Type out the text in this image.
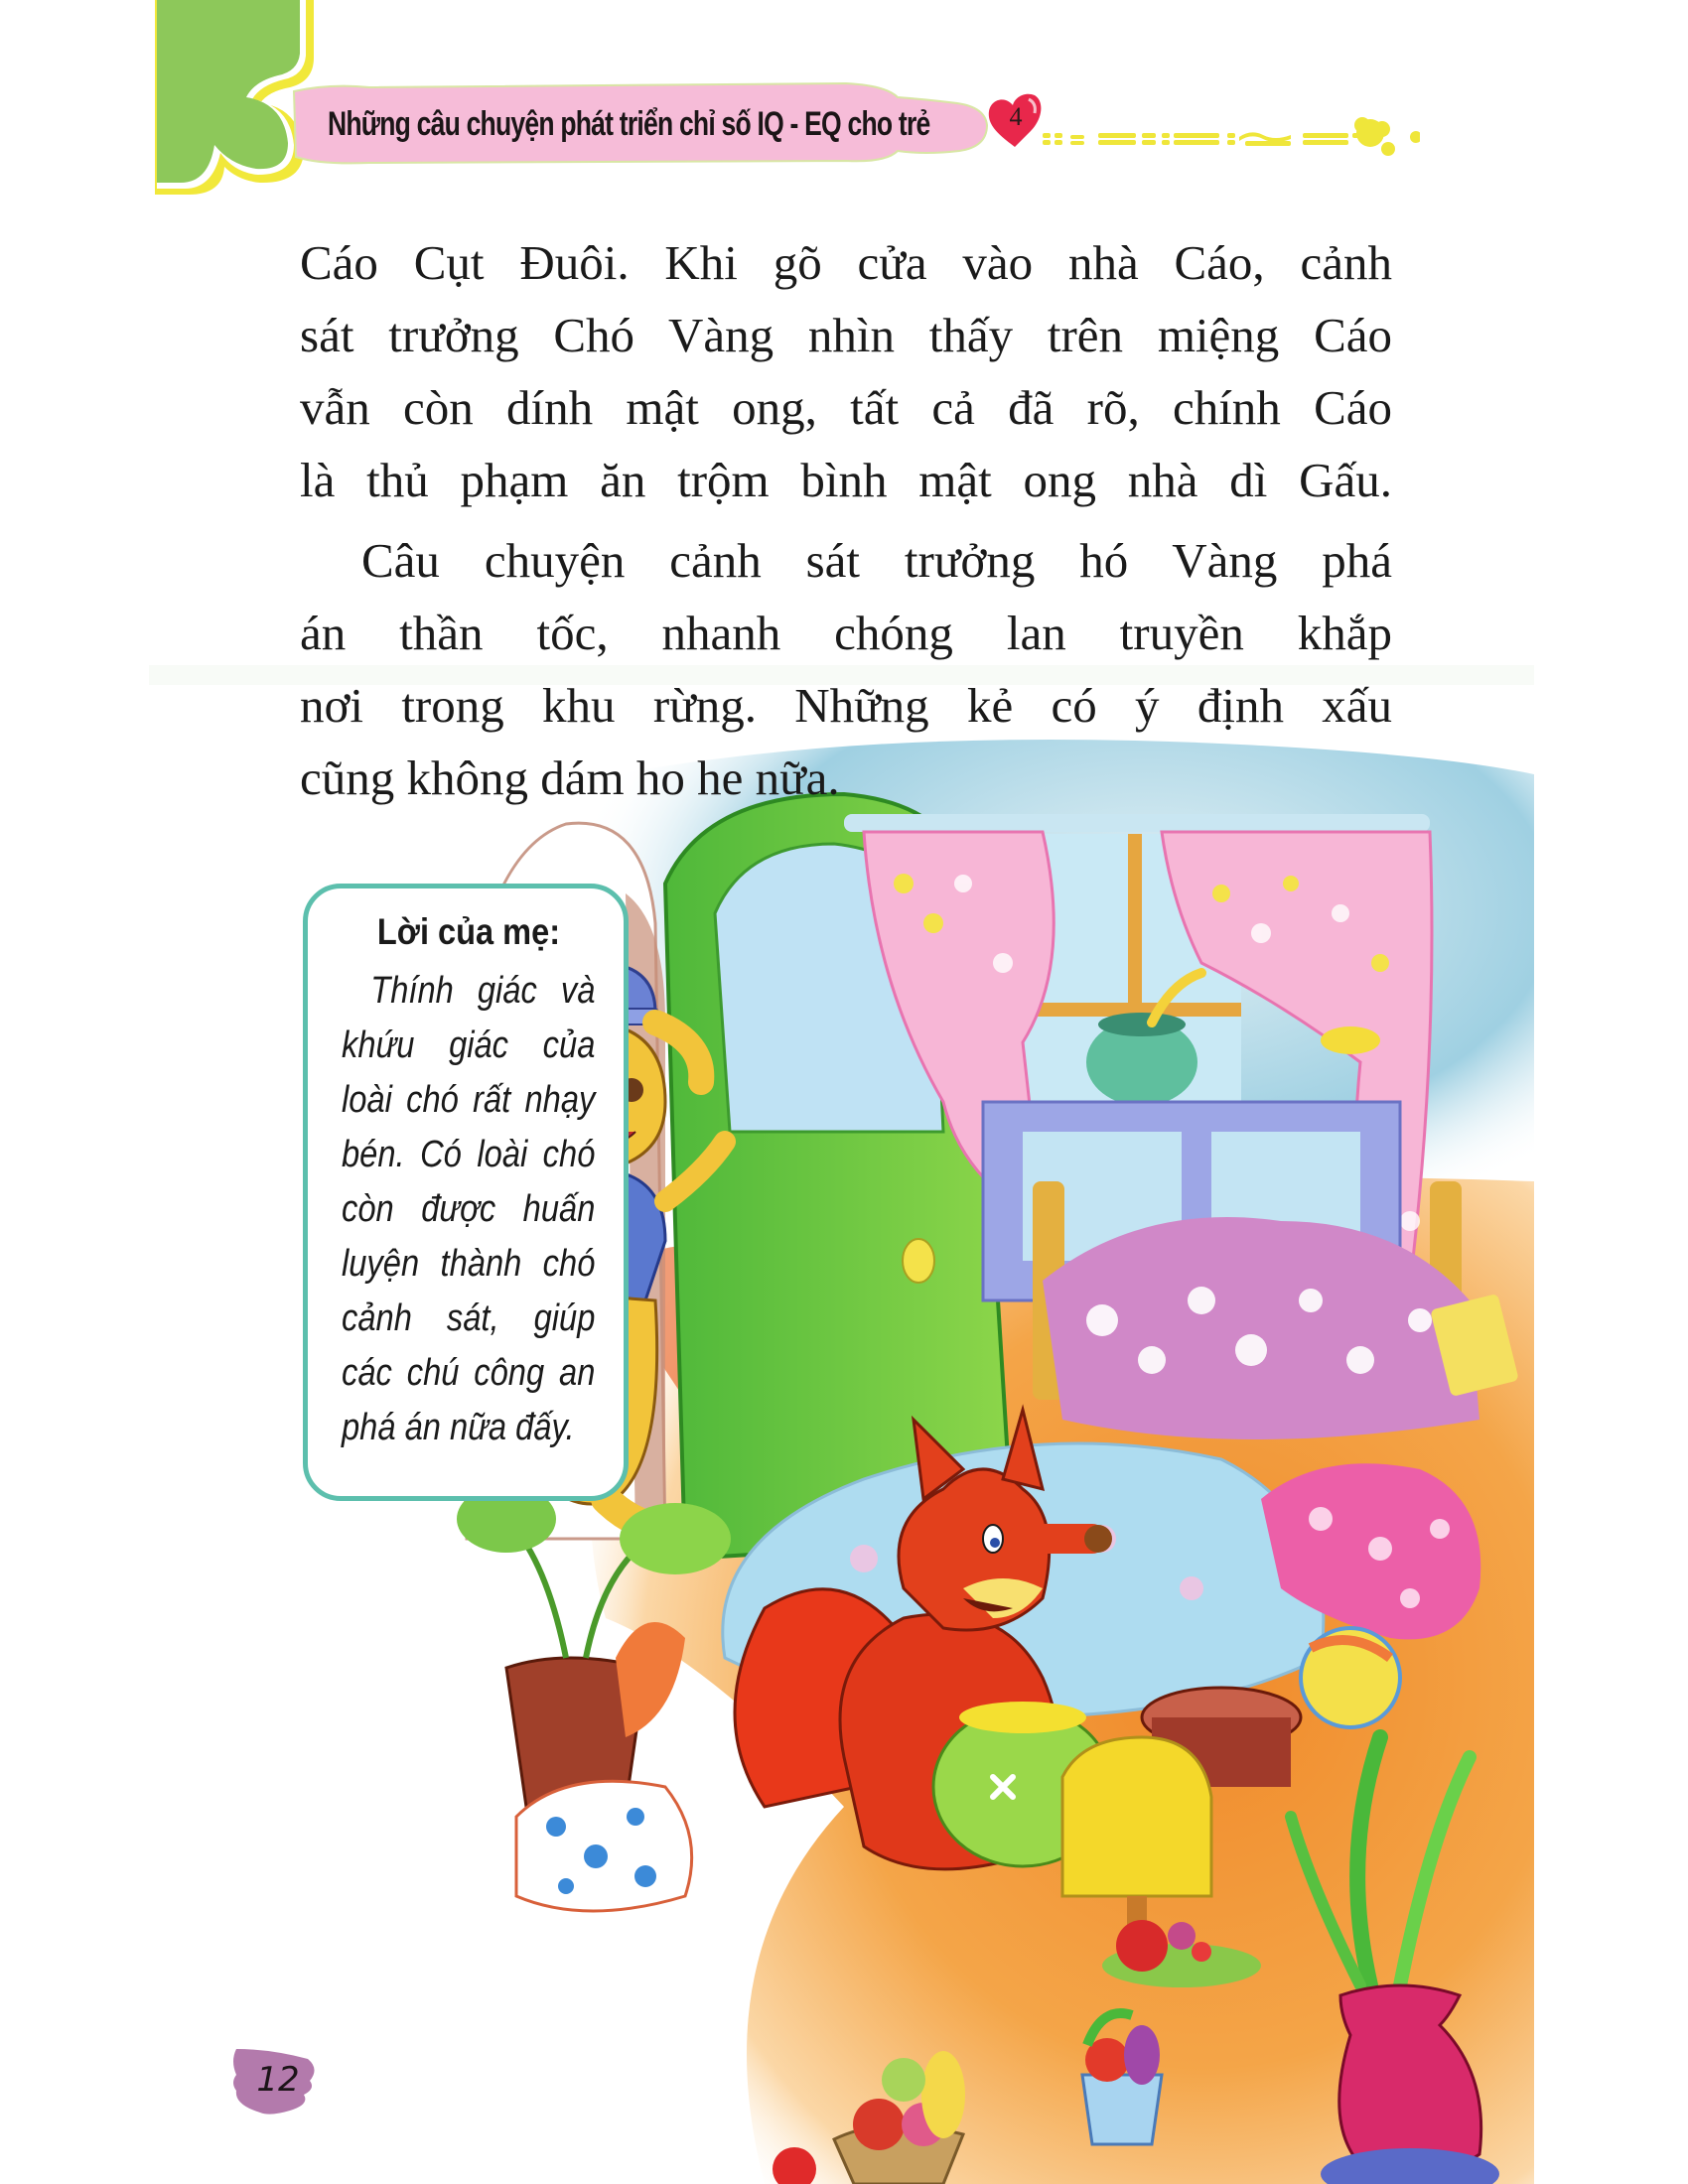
Những câu chuyện phát triển chỉ số IQ - EQ cho trẻ	4
Lời của mẹ:
Thính giác và
khứu giác của
loài chó rất nhạy
bén. Có loài chó
còn được huấn
luyện thành chó
cảnh sát, giúp
các chú công an
phá án nữa đấy.

Cáo Cụt Đuôi. Khi gõ cửa vào nhà Cáo, cảnh
sát trưởng Chó Vàng nhìn thấy trên miệng Cáo
vẫn còn dính mật ong, tất cả đã rõ, chính Cáo
là thủ phạm ăn trộm bình mật ong nhà dì Gấu.

Câu chuyện cảnh sát trưởng hó Vàng phá
án thần tốc, nhanh chóng lan truyền khắp
nơi trong khu rừng. Những kẻ có ý định xấu
cũng không dám ho he nữa.

12
